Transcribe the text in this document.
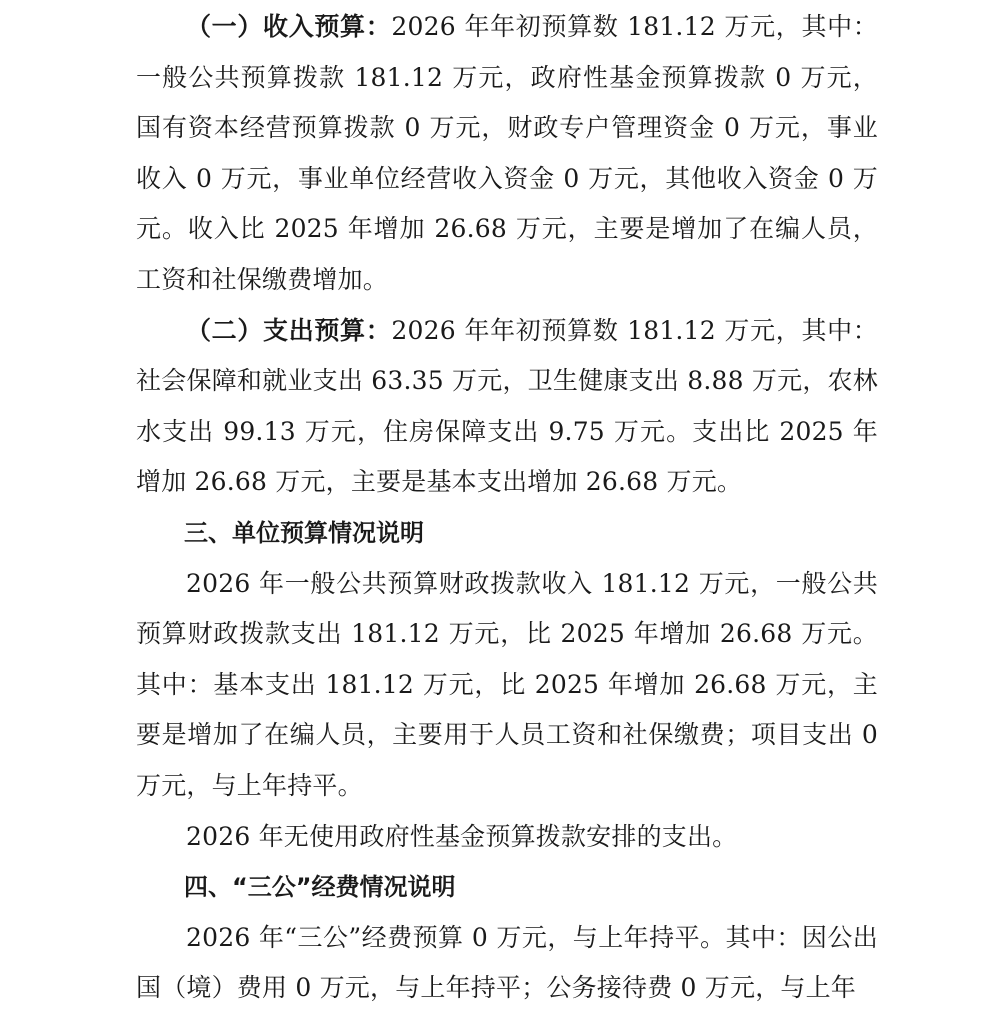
（一）收入预算：2026 年年初预算数 181.12 万元，其中：一般公共预算拨款 181.12 万元，政府性基金预算拨款 0 万元，国有资本经营预算拨款 0 万元，财政专户管理资金 0 万元，事业收入 0 万元，事业单位经营收入资金 0 万元，其他收入资金 0 万元。收入比 2025 年增加 26.68 万元，主要是增加了在编人员，工资和社保缴费增加。

（二）支出预算：2026 年年初预算数 181.12 万元，其中：社会保障和就业支出 63.35 万元，卫生健康支出 8.88 万元，农林水支出 99.13 万元，住房保障支出 9.75 万元。支出比 2025 年增加 26.68 万元，主要是基本支出增加 26.68 万元。

三、单位预算情况说明

2026 年一般公共预算财政拨款收入 181.12 万元，一般公共预算财政拨款支出 181.12 万元，比 2025 年增加 26.68 万元。其中：基本支出 181.12 万元，比 2025 年增加 26.68 万元，主要是增加了在编人员，主要用于人员工资和社保缴费；项目支出 0 万元，与上年持平。

2026 年无使用政府性基金预算拨款安排的支出。

四、“三公”经费情况说明

2026 年“三公”经费预算 0 万元，与上年持平。其中：因公出国（境）费用 0 万元，与上年持平；公务接待费 0 万元，与上年
